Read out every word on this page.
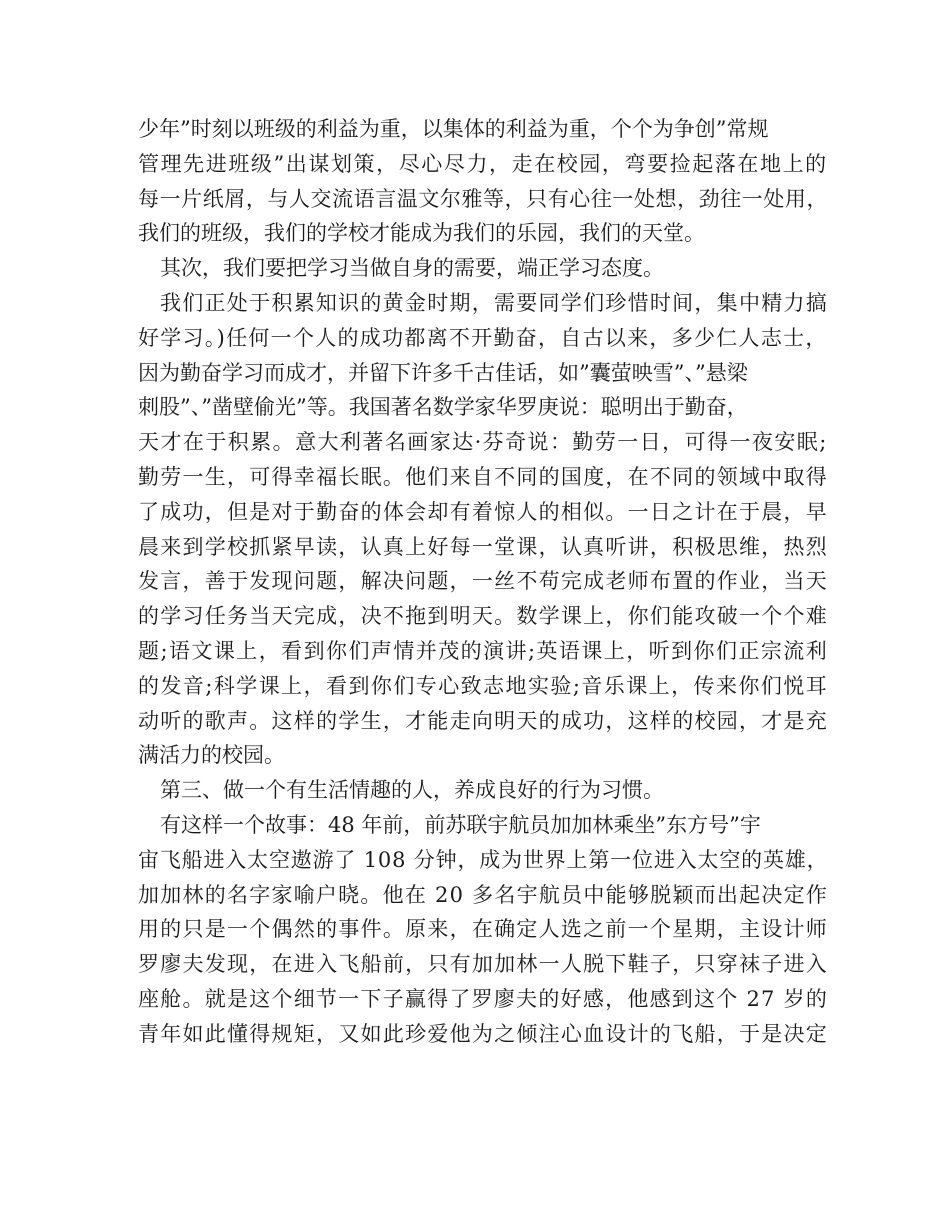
少年”时刻以班级的利益为重，以集体的利益为重，个个为争创”常规
管理先进班级”出谋划策，尽心尽力，走在校园，弯要捡起落在地上的
每一片纸屑，与人交流语言温文尔雅等，只有心往一处想，劲往一处用，
我们的班级，我们的学校才能成为我们的乐园，我们的天堂。
其次，我们要把学习当做自身的需要，端正学习态度。
我们正处于积累知识的黄金时期，需要同学们珍惜时间，集中精力搞
好学习。)任何一个人的成功都离不开勤奋，自古以来，多少仁人志士，
因为勤奋学习而成才，并留下许多千古佳话，如”囊萤映雪”、”悬梁
刺股”、”凿壁偷光”等。我国著名数学家华罗庚说：聪明出于勤奋，
天才在于积累。意大利著名画家达·芬奇说：勤劳一日，可得一夜安眠;
勤劳一生，可得幸福长眠。他们来自不同的国度，在不同的领域中取得
了成功，但是对于勤奋的体会却有着惊人的相似。一日之计在于晨，早
晨来到学校抓紧早读，认真上好每一堂课，认真听讲，积极思维，热烈
发言，善于发现问题，解决问题，一丝不苟完成老师布置的作业，当天
的学习任务当天完成，决不拖到明天。数学课上，你们能攻破一个个难
题;语文课上，看到你们声情并茂的演讲;英语课上，听到你们正宗流利
的发音;科学课上，看到你们专心致志地实验;音乐课上，传来你们悦耳
动听的歌声。这样的学生，才能走向明天的成功，这样的校园，才是充
满活力的校园。
第三、做一个有生活情趣的人，养成良好的行为习惯。
有这样一个故事：48 年前，前苏联宇航员加加林乘坐”东方号”宇
宙飞船进入太空遨游了 108 分钟，成为世界上第一位进入太空的英雄，
加加林的名字家喻户晓。他在 20 多名宇航员中能够脱颖而出起决定作
用的只是一个偶然的事件。原来，在确定人选之前一个星期，主设计师
罗廖夫发现，在进入飞船前，只有加加林一人脱下鞋子，只穿袜子进入
座舱。就是这个细节一下子赢得了罗廖夫的好感，他感到这个 27 岁的
青年如此懂得规矩，又如此珍爱他为之倾注心血设计的飞船，于是决定
